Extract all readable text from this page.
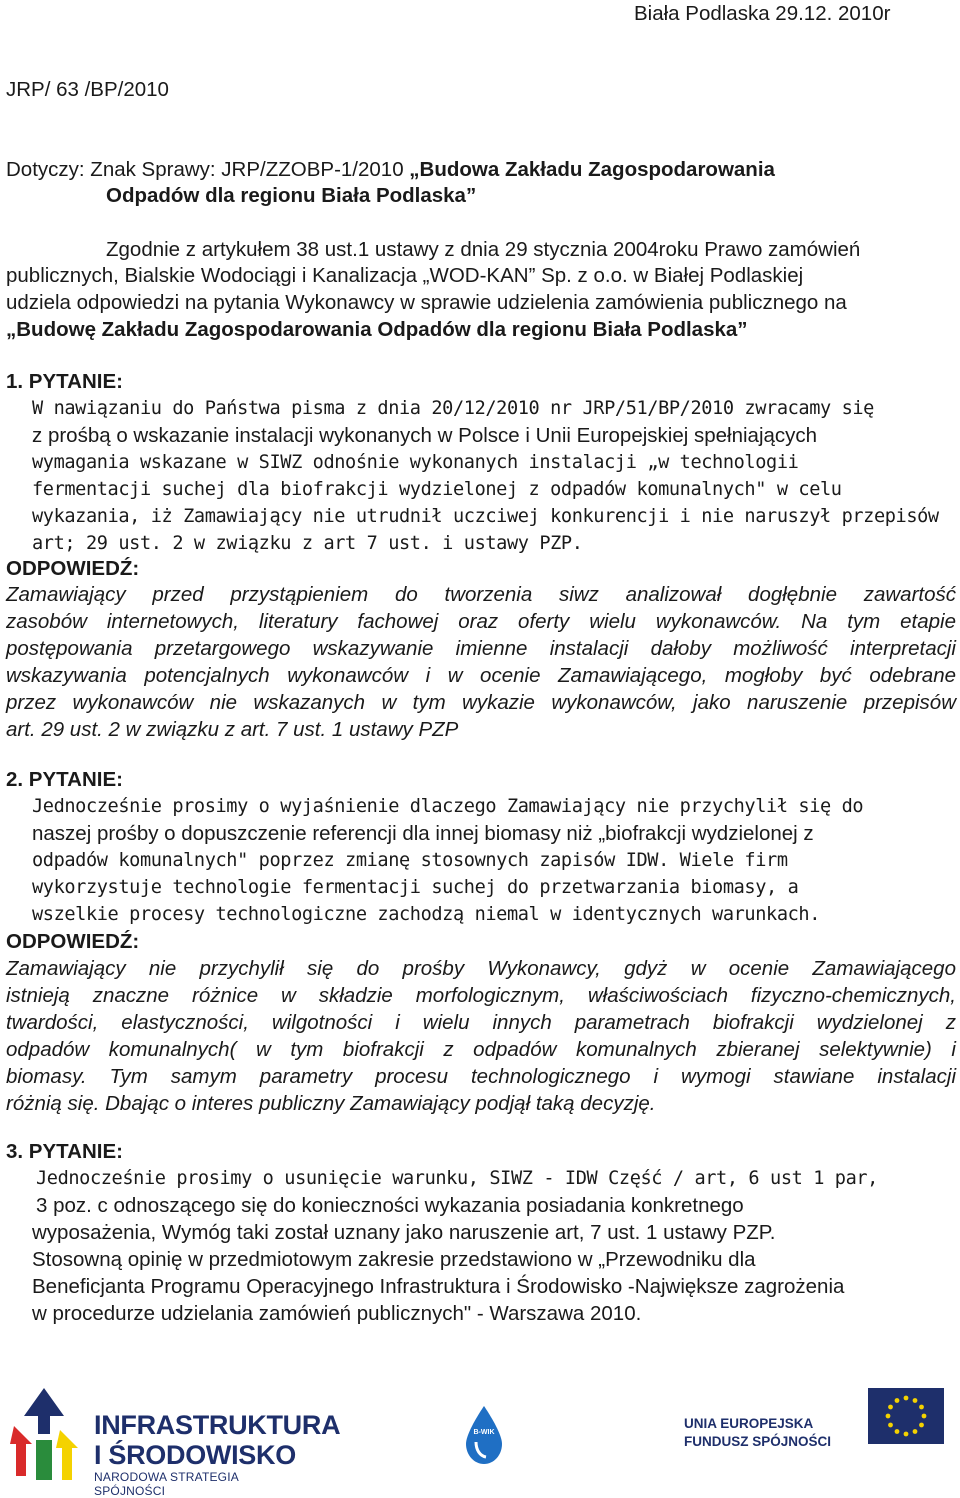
Biała Podlaska 29.12. 2010r
JRP/ 63 /BP/2010
Dotyczy: Znak Sprawy: JRP/ZZOBP-1/2010 „Budowa Zakładu Zagospodarowania
Odpadów dla regionu Biała Podlaska”
Zgodnie z artykułem 38 ust.1 ustawy z dnia 29 stycznia 2004roku Prawo zamówień
publicznych, Bialskie Wodociągi i Kanalizacja „WOD-KAN” Sp. z o.o. w Białej Podlaskiej
udziela odpowiedzi na pytania Wykonawcy w sprawie udzielenia zamówienia publicznego na
„Budowę Zakładu Zagospodarowania Odpadów dla regionu Biała Podlaska”
1. PYTANIE:
W nawiązaniu do Państwa pisma z dnia 20/12/2010 nr JRP/51/BP/2010 zwracamy się
z prośbą o wskazanie instalacji wykonanych w Polsce i Unii Europejskiej spełniających
wymagania wskazane w SIWZ odnośnie wykonanych instalacji „w technologii
fermentacji suchej dla biofrakcji wydzielonej z odpadów komunalnych" w celu
wykazania, iż Zamawiający nie utrudnił uczciwej konkurencji i nie naruszył przepisów
art; 29 ust. 2 w związku z art 7 ust. i ustawy PZP.
ODPOWIEDŹ:
Zamawiający przed przystąpieniem do tworzenia siwz analizował dogłębnie zawartość
zasobów internetowych, literatury fachowej oraz oferty wielu wykonawców. Na tym etapie
postępowania przetargowego wskazywanie imienne instalacji dałoby możliwość interpretacji
wskazywania potencjalnych wykonawców i w ocenie Zamawiającego, mogłoby być odebrane
przez wykonawców nie wskazanych w tym wykazie wykonawców, jako naruszenie przepisów
art. 29 ust. 2 w związku z art. 7 ust. 1 ustawy PZP
2. PYTANIE:
Jednocześnie prosimy o wyjaśnienie dlaczego Zamawiający nie przychylił się do
naszej prośby o dopuszczenie referencji dla innej biomasy niż „biofrakcji wydzielonej z
odpadów komunalnych" poprzez zmianę stosownych zapisów IDW. Wiele firm
wykorzystuje technologie fermentacji suchej do przetwarzania biomasy, a
wszelkie procesy technologiczne zachodzą niemal w identycznych warunkach.
ODPOWIEDŹ:
Zamawiający nie przychylił się do prośby Wykonawcy, gdyż w ocenie Zamawiającego
istnieją znaczne różnice w składzie morfologicznym, właściwościach fizyczno-chemicznych,
twardości, elastyczności, wilgotności i wielu innych parametrach biofrakcji wydzielonej z
odpadów komunalnych( w tym biofrakcji z odpadów komunalnych zbieranej selektywnie) i
biomasy. Tym samym parametry procesu technologicznego i wymogi stawiane instalacji
różnią się. Dbając o interes publiczny Zamawiający podjął taką decyzję.
3. PYTANIE:
Jednocześnie prosimy o usunięcie warunku, SIWZ - IDW Część / art, 6 ust 1 par,
3 poz. c odnoszącego się do konieczności wykazania posiadania konkretnego
wyposażenia, Wymóg taki został uznany jako naruszenie art, 7 ust. 1 ustawy PZP.
Stosowną opinię w przedmiotowym zakresie przedstawiono w „Przewodniku dla
Beneficjanta Programu Operacyjnego Infrastruktura i Środowisko -Największe zagrożenia
w procedurze udzielania zamówień publicznych" - Warszawa 2010.
INFRASTRUKTURA
I ŚRODOWISKO
NARODOWA STRATEGIA SPÓJNOŚCI
B-WIK
UNIA EUROPEJSKA
FUNDUSZ SPÓJNOŚCI
